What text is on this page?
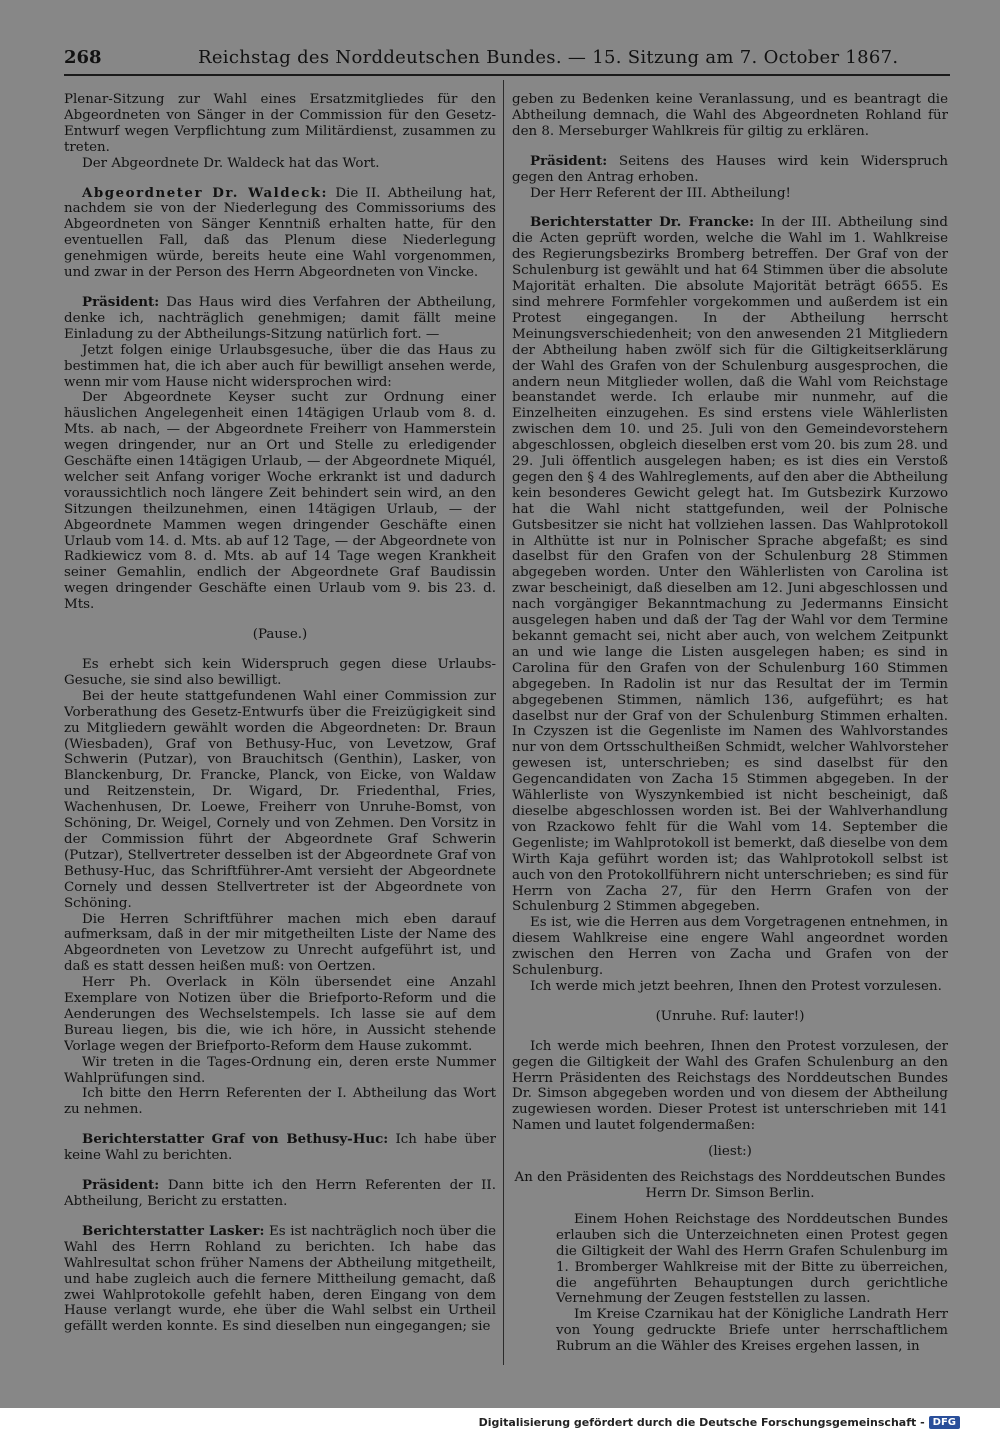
268	Reichstag des Norddeutschen Bundes. — 15. Sitzung am 7. October 1867.

Plenar-Sitzung zur Wahl eines Ersatzmitgliedes für den Abgeordneten von Sänger in der Commission für den Gesetz-Entwurf wegen Verpflichtung zum Militärdienst, zusammen zu treten.

Der Abgeordnete Dr. Waldeck hat das Wort.

Abgeordneter Dr. Waldeck: Die II. Abtheilung hat, nachdem sie von der Niederlegung des Commissoriums des Abgeordneten von Sänger Kenntniß erhalten hatte, für den eventuellen Fall, daß das Plenum diese Niederlegung genehmigen würde, bereits heute eine Wahl vorgenommen, und zwar in der Person des Herrn Abgeordneten von Vincke.

Präsident: Das Haus wird dies Verfahren der Abtheilung, denke ich, nachträglich genehmigen; damit fällt meine Einladung zu der Abtheilungs-Sitzung natürlich fort. —

Jetzt folgen einige Urlaubsgesuche, über die das Haus zu bestimmen hat, die ich aber auch für bewilligt ansehen werde, wenn mir vom Hause nicht widersprochen wird:

Der Abgeordnete Keyser sucht zur Ordnung einer häuslichen Angelegenheit einen 14tägigen Urlaub vom 8. d. Mts. ab nach, — der Abgeordnete Freiherr von Hammerstein wegen dringender, nur an Ort und Stelle zu erledigender Geschäfte einen 14tägigen Urlaub, — der Abgeordnete Miquél, welcher seit Anfang voriger Woche erkrankt ist und dadurch voraussichtlich noch längere Zeit behindert sein wird, an den Sitzungen theilzunehmen, einen 14tägigen Urlaub, — der Abgeordnete Mammen wegen dringender Geschäfte einen Urlaub vom 14. d. Mts. ab auf 12 Tage, — der Abgeordnete von Radkiewicz vom 8. d. Mts. ab auf 14 Tage wegen Krankheit seiner Gemahlin, endlich der Abgeordnete Graf Baudissin wegen dringender Geschäfte einen Urlaub vom 9. bis 23. d. Mts.

(Pause.)

Es erhebt sich kein Widerspruch gegen diese Urlaubs-Gesuche, sie sind also bewilligt.

Bei der heute stattgefundenen Wahl einer Commission zur Vorberathung des Gesetz-Entwurfs über die Freizügigkeit sind zu Mitgliedern gewählt worden die Abgeordneten: Dr. Braun (Wiesbaden), Graf von Bethusy-Huc, von Levetzow, Graf Schwerin (Putzar), von Brauchitsch (Genthin), Lasker, von Blanckenburg, Dr. Francke, Planck, von Eicke, von Waldaw und Reitzenstein, Dr. Wigard, Dr. Friedenthal, Fries, Wachenhusen, Dr. Loewe, Freiherr von Unruhe-Bomst, von Schöning, Dr. Weigel, Cornely und von Zehmen. Den Vorsitz in der Commission führt der Abgeordnete Graf Schwerin (Putzar), Stellvertreter desselben ist der Abgeordnete Graf von Bethusy-Huc, das Schriftführer-Amt versieht der Abgeordnete Cornely und dessen Stellvertreter ist der Abgeordnete von Schöning.

Die Herren Schriftführer machen mich eben darauf aufmerksam, daß in der mir mitgetheilten Liste der Name des Abgeordneten von Levetzow zu Unrecht aufgeführt ist, und daß es statt dessen heißen muß: von Oertzen.

Herr Ph. Overlack in Köln übersendet eine Anzahl Exemplare von Notizen über die Briefporto-Reform und die Aenderungen des Wechselstempels. Ich lasse sie auf dem Bureau liegen, bis die, wie ich höre, in Aussicht stehende Vorlage wegen der Briefporto-Reform dem Hause zukommt.

Wir treten in die Tages-Ordnung ein, deren erste Nummer Wahlprüfungen sind.

Ich bitte den Herrn Referenten der I. Abtheilung das Wort zu nehmen.

Berichterstatter Graf von Bethusy-Huc: Ich habe über keine Wahl zu berichten.

Präsident: Dann bitte ich den Herrn Referenten der II. Abtheilung, Bericht zu erstatten.

Berichterstatter Lasker: Es ist nachträglich noch über die Wahl des Herrn Rohland zu berichten. Ich habe das Wahlresultat schon früher Namens der Abtheilung mitgetheilt, und habe zugleich auch die fernere Mittheilung gemacht, daß zwei Wahlprotokolle gefehlt haben, deren Eingang von dem Hause verlangt wurde, ehe über die Wahl selbst ein Urtheil gefällt werden konnte. Es sind dieselben nun eingegangen; sie

geben zu Bedenken keine Veranlassung, und es beantragt die Abtheilung demnach, die Wahl des Abgeordneten Rohland für den 8. Merseburger Wahlkreis für giltig zu erklären.

Präsident: Seitens des Hauses wird kein Widerspruch gegen den Antrag erhoben.

Der Herr Referent der III. Abtheilung!

Berichterstatter Dr. Francke: In der III. Abtheilung sind die Acten geprüft worden, welche die Wahl im 1. Wahlkreise des Regierungsbezirks Bromberg betreffen. Der Graf von der Schulenburg ist gewählt und hat 64 Stimmen über die absolute Majorität erhalten. Die absolute Majorität beträgt 6655. Es sind mehrere Formfehler vorgekommen und außerdem ist ein Protest eingegangen. In der Abtheilung herrscht Meinungsverschiedenheit; von den anwesenden 21 Mitgliedern der Abtheilung haben zwölf sich für die Giltigkeitserklärung der Wahl des Grafen von der Schulenburg ausgesprochen, die andern neun Mitglieder wollen, daß die Wahl vom Reichstage beanstandet werde. Ich erlaube mir nunmehr, auf die Einzelheiten einzugehen. Es sind erstens viele Wählerlisten zwischen dem 10. und 25. Juli von den Gemeindevorstehern abgeschlossen, obgleich dieselben erst vom 20. bis zum 28. und 29. Juli öffentlich ausgelegen haben; es ist dies ein Verstoß gegen den § 4 des Wahlreglements, auf den aber die Abtheilung kein besonderes Gewicht gelegt hat. Im Gutsbezirk Kurzowo hat die Wahl nicht stattgefunden, weil der Polnische Gutsbesitzer sie nicht hat vollziehen lassen. Das Wahlprotokoll in Althütte ist nur in Polnischer Sprache abgefaßt; es sind daselbst für den Grafen von der Schulenburg 28 Stimmen abgegeben worden. Unter den Wählerlisten von Carolina ist zwar bescheinigt, daß dieselben am 12. Juni abgeschlossen und nach vorgängiger Bekanntmachung zu Jedermanns Einsicht ausgelegen haben und daß der Tag der Wahl vor dem Termine bekannt gemacht sei, nicht aber auch, von welchem Zeitpunkt an und wie lange die Listen ausgelegen haben; es sind in Carolina für den Grafen von der Schulenburg 160 Stimmen abgegeben. In Radolin ist nur das Resultat der im Termin abgegebenen Stimmen, nämlich 136, aufgeführt; es hat daselbst nur der Graf von der Schulenburg Stimmen erhalten. In Czyszen ist die Gegenliste im Namen des Wahlvorstandes nur von dem Ortsschultheißen Schmidt, welcher Wahlvorsteher gewesen ist, unterschrieben; es sind daselbst für den Gegencandidaten von Zacha 15 Stimmen abgegeben. In der Wählerliste von Wyszynkembied ist nicht bescheinigt, daß dieselbe abgeschlossen worden ist. Bei der Wahlverhandlung von Rzackowo fehlt für die Wahl vom 14. September die Gegenliste; im Wahlprotokoll ist bemerkt, daß dieselbe von dem Wirth Kaja geführt worden ist; das Wahlprotokoll selbst ist auch von den Protokollführern nicht unterschrieben; es sind für Herrn von Zacha 27, für den Herrn Grafen von der Schulenburg 2 Stimmen abgegeben.

Es ist, wie die Herren aus dem Vorgetragenen entnehmen, in diesem Wahlkreise eine engere Wahl angeordnet worden zwischen den Herren von Zacha und Grafen von der Schulenburg.

Ich werde mich jetzt beehren, Ihnen den Protest vorzulesen.

(Unruhe. Ruf: lauter!)

Ich werde mich beehren, Ihnen den Protest vorzulesen, der gegen die Giltigkeit der Wahl des Grafen Schulenburg an den Herrn Präsidenten des Reichstags des Norddeutschen Bundes Dr. Simson abgegeben worden und von diesem der Abtheilung zugewiesen worden. Dieser Protest ist unterschrieben mit 141 Namen und lautet folgendermaßen:

(liest:)

An den Präsidenten des Reichstags des Norddeutschen Bundes

Herrn Dr. Simson Berlin.

Einem Hohen Reichstage des Norddeutschen Bundes erlauben sich die Unterzeichneten einen Protest gegen die Giltigkeit der Wahl des Herrn Grafen Schulenburg im 1. Bromberger Wahlkreise mit der Bitte zu überreichen, die angeführten Behauptungen durch gerichtliche Vernehmung der Zeugen feststellen zu lassen.

Im Kreise Czarnikau hat der Königliche Landrath Herr von Young gedruckte Briefe unter herrschaftlichem Rubrum an die Wähler des Kreises ergehen lassen, in

Digitalisierung gefördert durch die Deutsche Forschungsgemeinschaft - DFG
